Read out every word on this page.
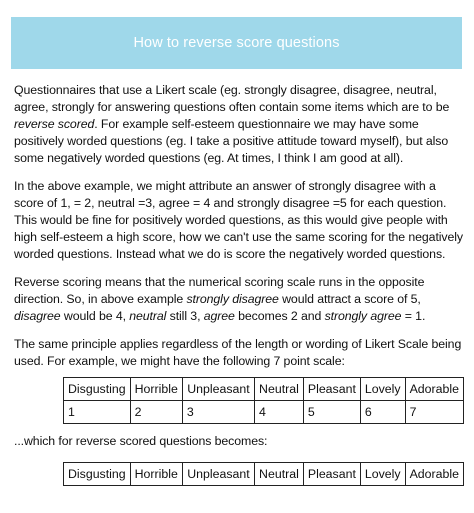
How to reverse score questions

Questionnaires that use a Likert scale (eg. strongly disagree, disagree, neutral, agree, strongly for answering questions often contain some items which are to be reverse scored. For example self-esteem questionnaire we may have some positively worded questions (eg. I take a positive attitude toward myself), but also some negatively worded questions (eg. At times, I think I am good at all).

In the above example, we might attribute an answer of strongly disagree with a score of 1, = 2, neutral =3, agree = 4 and strongly disagree =5 for each question. This would be fine for positively worded questions, as this would give people with high self-esteem a high score, how we can't use the same scoring for the negatively worded questions. Instead what we do is score the negatively worded questions.

Reverse scoring means that the numerical scoring scale runs in the opposite direction. So, in above example strongly disagree would attract a score of 5, disagree would be 4, neutral still 3, agree becomes 2 and strongly agree = 1.

The same principle applies regardless of the length or wording of Likert Scale being used. For example, we might have the following 7 point scale:

Disgusting	Horrible	Unpleasant	Neutral	Pleasant	Lovely	Adorable
1	2	3	4	5	6	7

...which for reverse scored questions becomes:

Disgusting	Horrible	Unpleasant	Neutral	Pleasant	Lovely	Adorable
